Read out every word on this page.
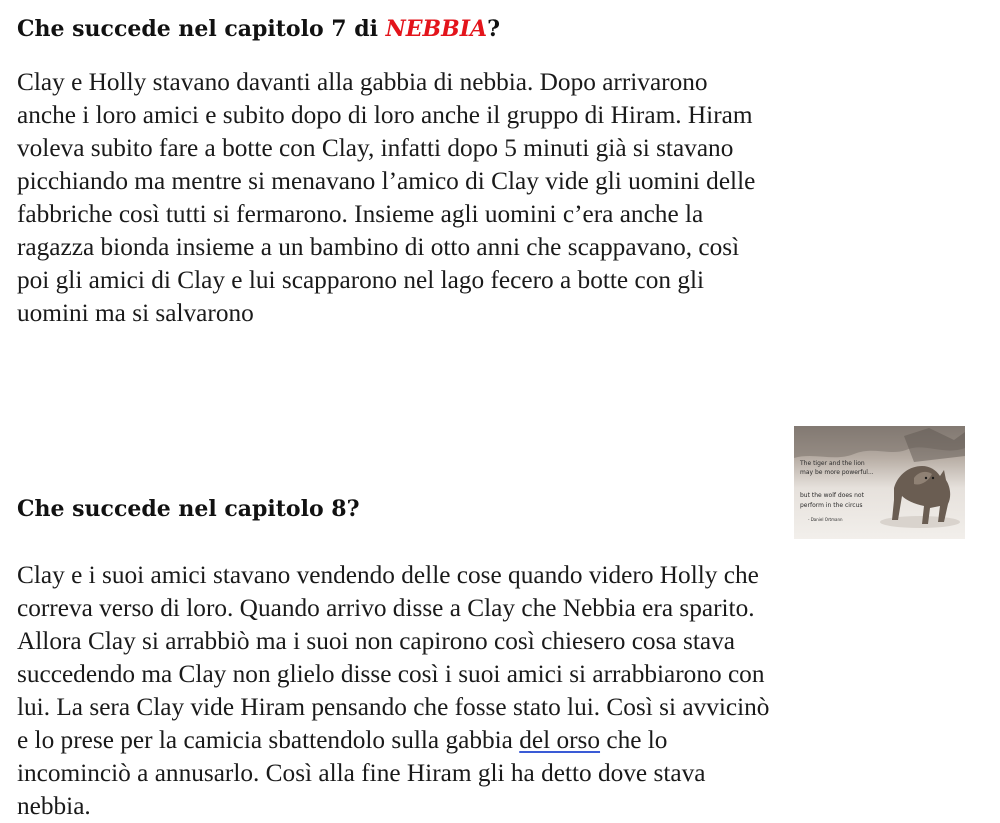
Che succede nel capitolo 7 di NEBBIA?

Clay e Holly stavano davanti alla gabbia di nebbia. Dopo arrivarono
anche i loro amici e subito dopo di loro anche il gruppo di Hiram. Hiram
voleva subito fare a botte con Clay, infatti dopo 5 minuti già si stavano
picchiando ma mentre si menavano l’amico di Clay vide gli uomini delle
fabbriche così tutti si fermarono. Insieme agli uomini c’era anche la
ragazza bionda insieme a un bambino di otto anni che scappavano, così
poi gli amici di Clay e lui scapparono nel lago fecero a botte con gli
uomini ma si salvarono

The tiger and the lion
may be more powerful...
but the wolf does not
perform in the circus
- Daniel Ortmann
Che succede nel capitolo 8?

Clay e i suoi amici stavano vendendo delle cose quando videro Holly che
correva verso di loro. Quando arrivo disse a Clay che Nebbia era sparito.
Allora Clay si arrabbiò ma i suoi non capirono così chiesero cosa stava
succedendo ma Clay non glielo disse così i suoi amici si arrabbiarono con
lui. La sera Clay vide Hiram pensando che fosse stato lui. Così si avvicinò
e lo prese per la camicia sbattendolo sulla gabbia del orso che lo
incominciò a annusarlo. Così alla fine Hiram gli ha detto dove stava
nebbia.
